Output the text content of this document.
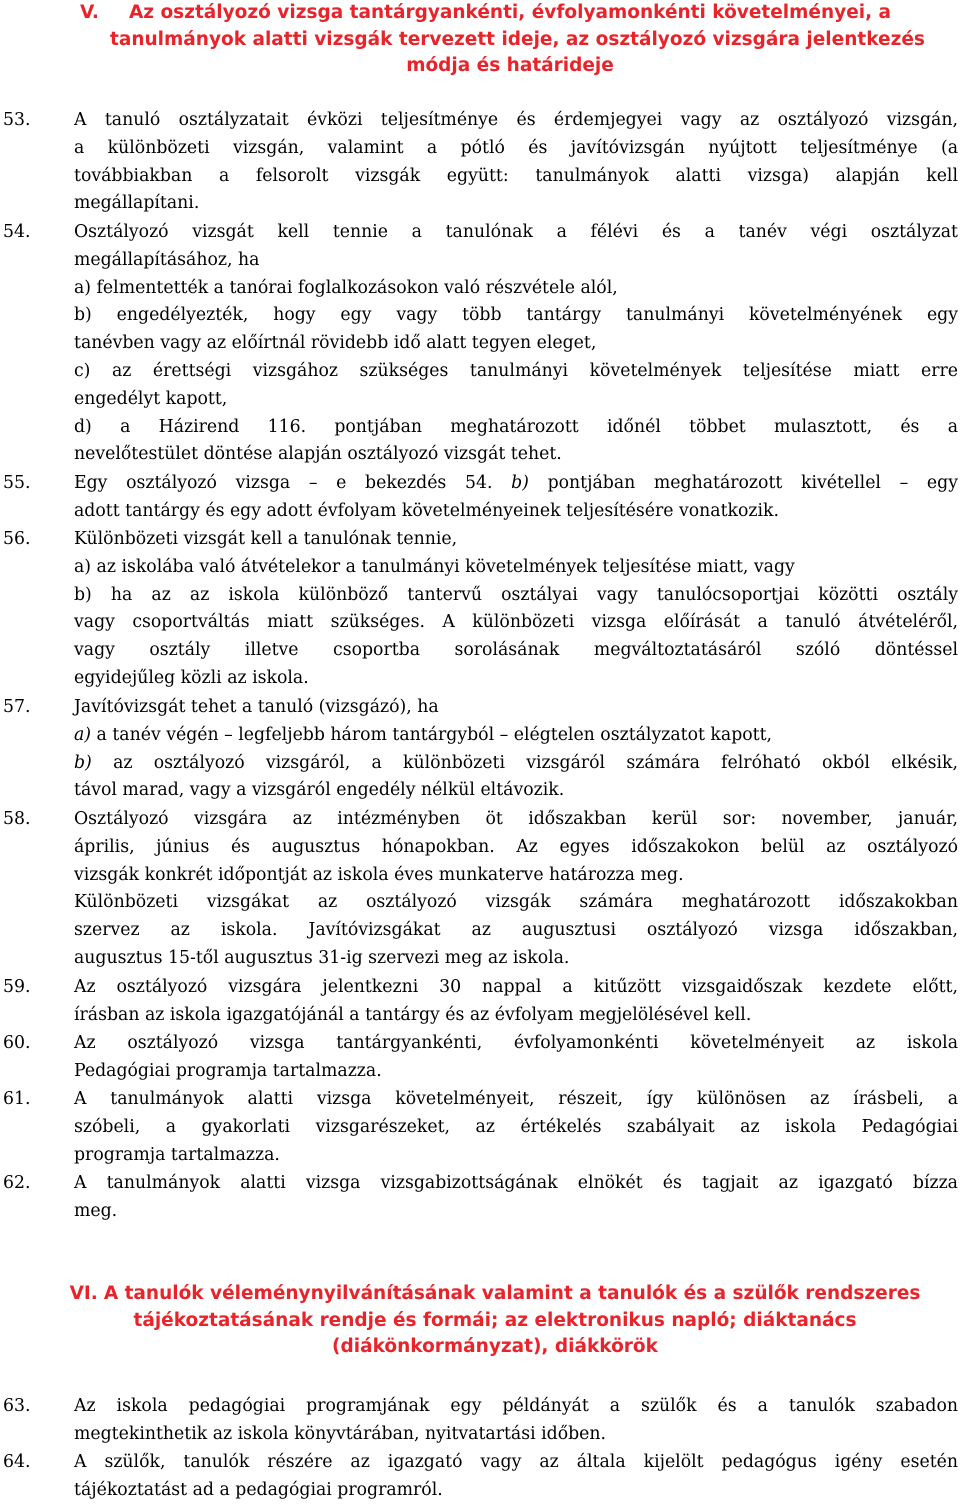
V.	Az osztályozó vizsga tantárgyankénti, évfolyamonkénti követelményei, a
tanulmányok alatti vizsgák tervezett ideje, az osztályozó vizsgára jelentkezés
módja és határideje
53.	A tanuló osztályzatait évközi teljesítménye és érdemjegyei vagy az osztályozó vizsgán,
a különbözeti vizsgán, valamint a pótló és javítóvizsgán nyújtott teljesítménye (a
továbbiakban a felsorolt vizsgák együtt: tanulmányok alatti vizsga) alapján kell
megállapítani.
54.	Osztályozó vizsgát kell tennie a tanulónak a félévi és a tanév végi osztályzat
megállapításához, ha
a) felmentették a tanórai foglalkozásokon való részvétele alól,
b) engedélyezték, hogy egy vagy több tantárgy tanulmányi követelményének egy
tanévben vagy az előírtnál rövidebb idő alatt tegyen eleget,
c) az érettségi vizsgához szükséges tanulmányi követelmények teljesítése miatt erre
engedélyt kapott,
d) a Házirend 116. pontjában meghatározott időnél többet mulasztott, és a
nevelőtestület döntése alapján osztályozó vizsgát tehet.
55.	Egy osztályozó vizsga – e bekezdés 54. b) pontjában meghatározott kivétellel – egy
adott tantárgy és egy adott évfolyam követelményeinek teljesítésére vonatkozik.
56.	Különbözeti vizsgát kell a tanulónak tennie,
a) az iskolába való átvételekor a tanulmányi követelmények teljesítése miatt, vagy
b) ha az az iskola különböző tantervű osztályai vagy tanulócsoportjai közötti osztály
vagy csoportváltás miatt szükséges. A különbözeti vizsga előírását a tanuló átvételéről,
vagy osztály illetve csoportba sorolásának megváltoztatásáról szóló döntéssel
egyidejűleg közli az iskola.
57.	Javítóvizsgát tehet a tanuló (vizsgázó), ha
a) a tanév végén – legfeljebb három tantárgyból – elégtelen osztályzatot kapott,
b) az osztályozó vizsgáról, a különbözeti vizsgáról számára felróható okból elkésik,
távol marad, vagy a vizsgáról engedély nélkül eltávozik.
58.	Osztályozó vizsgára az intézményben öt időszakban kerül sor: november, január,
április, június és augusztus hónapokban. Az egyes időszakokon belül az osztályozó
vizsgák konkrét időpontját az iskola éves munkaterve határozza meg.
Különbözeti vizsgákat az osztályozó vizsgák számára meghatározott időszakokban
szervez az iskola. Javítóvizsgákat az augusztusi osztályozó vizsga időszakban,
augusztus 15-től augusztus 31-ig szervezi meg az iskola.
59.	Az osztályozó vizsgára jelentkezni 30 nappal a kitűzött vizsgaidőszak kezdete előtt,
írásban az iskola igazgatójánál a tantárgy és az évfolyam megjelölésével kell.
60.	Az osztályozó vizsga tantárgyankénti, évfolyamonkénti követelményeit az iskola
Pedagógiai programja tartalmazza.
61.	A tanulmányok alatti vizsga követelményeit, részeit, így különösen az írásbeli, a
szóbeli, a gyakorlati vizsgarészeket, az értékelés szabályait az iskola Pedagógiai
programja tartalmazza.
62.	A tanulmányok alatti vizsga vizsgabizottságának elnökét és tagjait az igazgató bízza
meg.
VI. A tanulók véleménynyilvánításának valamint a tanulók és a szülők rendszeres
tájékoztatásának rendje és formái; az elektronikus napló; diáktanács
(diákönkormányzat), diákkörök
63.	Az iskola pedagógiai programjának egy példányát a szülők és a tanulók szabadon
megtekinthetik az iskola könyvtárában, nyitvatartási időben.
64.	A szülők, tanulók részére az igazgató vagy az általa kijelölt pedagógus igény esetén
tájékoztatást ad a pedagógiai programról.
